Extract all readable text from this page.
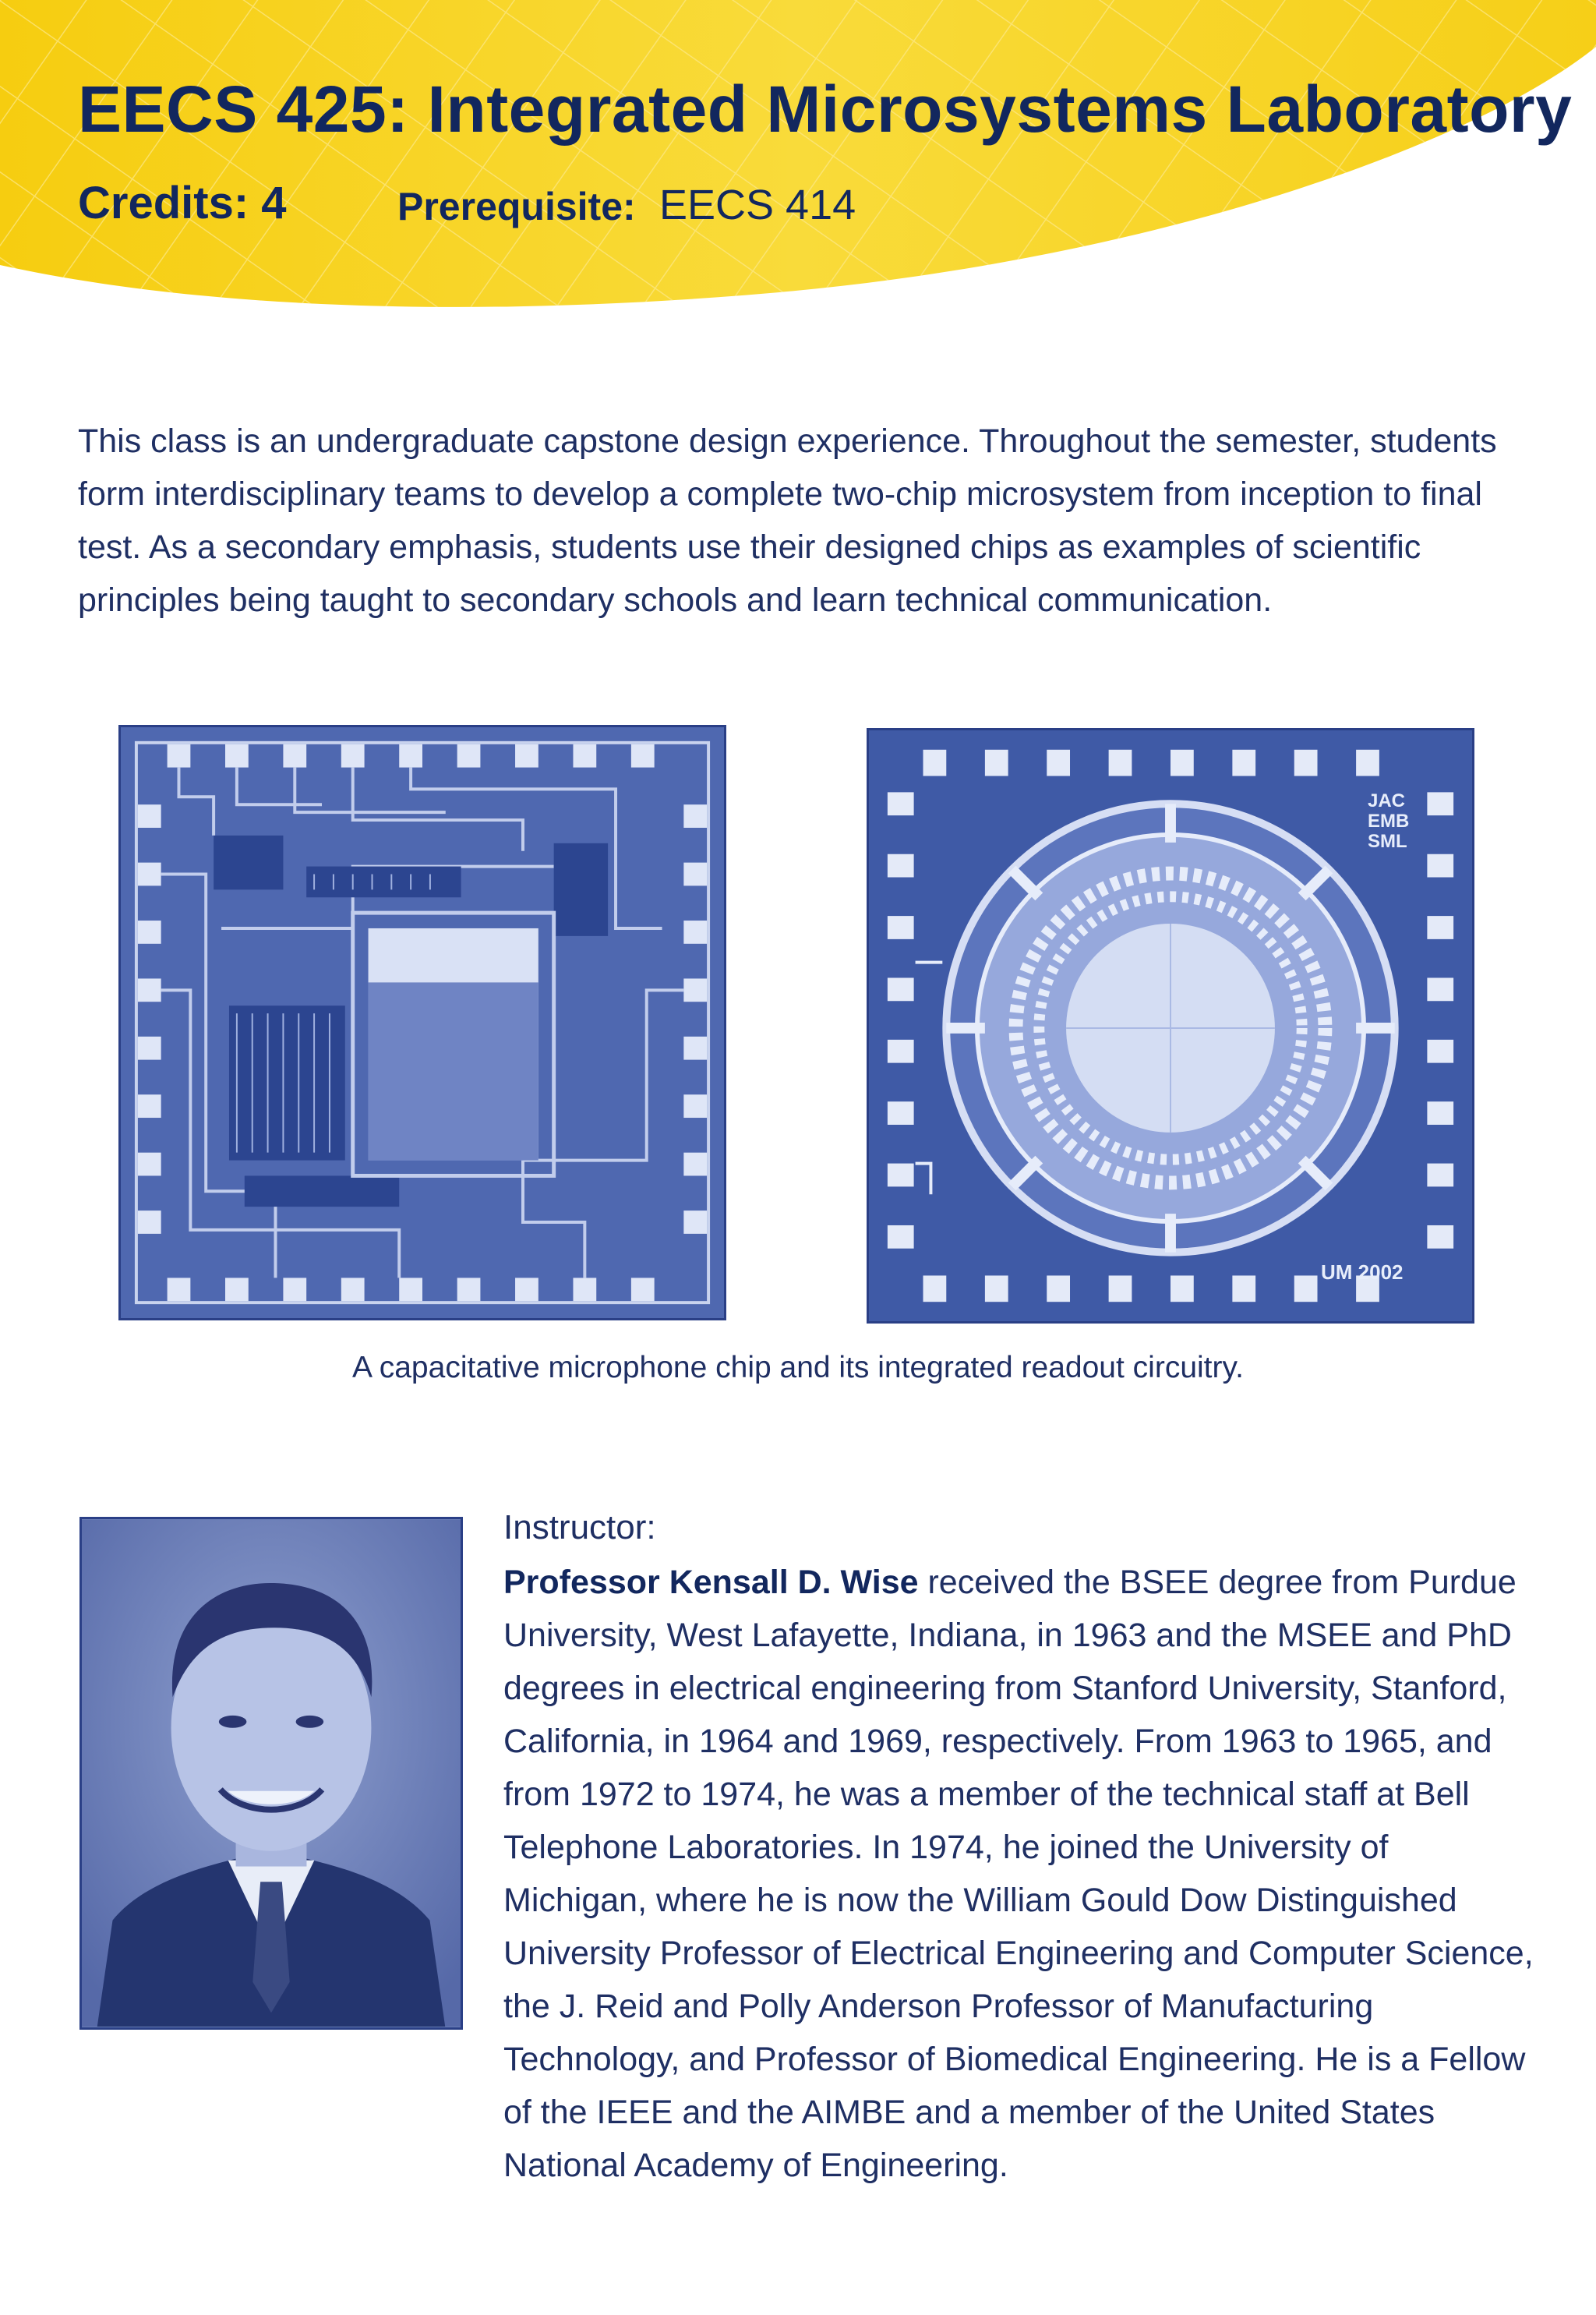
EECS 425: Integrated Microsystems Laboratory
Credits: 4	Prerequisite: EECS 414

This class is an undergraduate capstone design experience. Throughout the semester, students form interdisciplinary teams to develop a complete two-chip microsystem from inception to final test. As a secondary emphasis, students use their designed chips as examples of scientific principles being taught to secondary schools and learn technical communication.

JAC
EMB
SML
UM 2002

A capacitative microphone chip and its integrated readout circuitry.

Instructor:

Professor Kensall D. Wise received the BSEE degree from Purdue University, West Lafayette, Indiana, in 1963 and the MSEE and PhD degrees in electrical engineering from Stanford University, Stanford, California, in 1964 and 1969, respectively. From 1963 to 1965, and from 1972 to 1974, he was a member of the technical staff at Bell Telephone Laboratories. In 1974, he joined the University of Michigan, where he is now the William Gould Dow Distinguished University Professor of Electrical Engineering and Computer Science, the J. Reid and Polly Anderson Professor of Manufacturing Technology, and Professor of Biomedical Engineering. He is a Fellow of the IEEE and the AIMBE and a member of the United States National Academy of Engineering.
